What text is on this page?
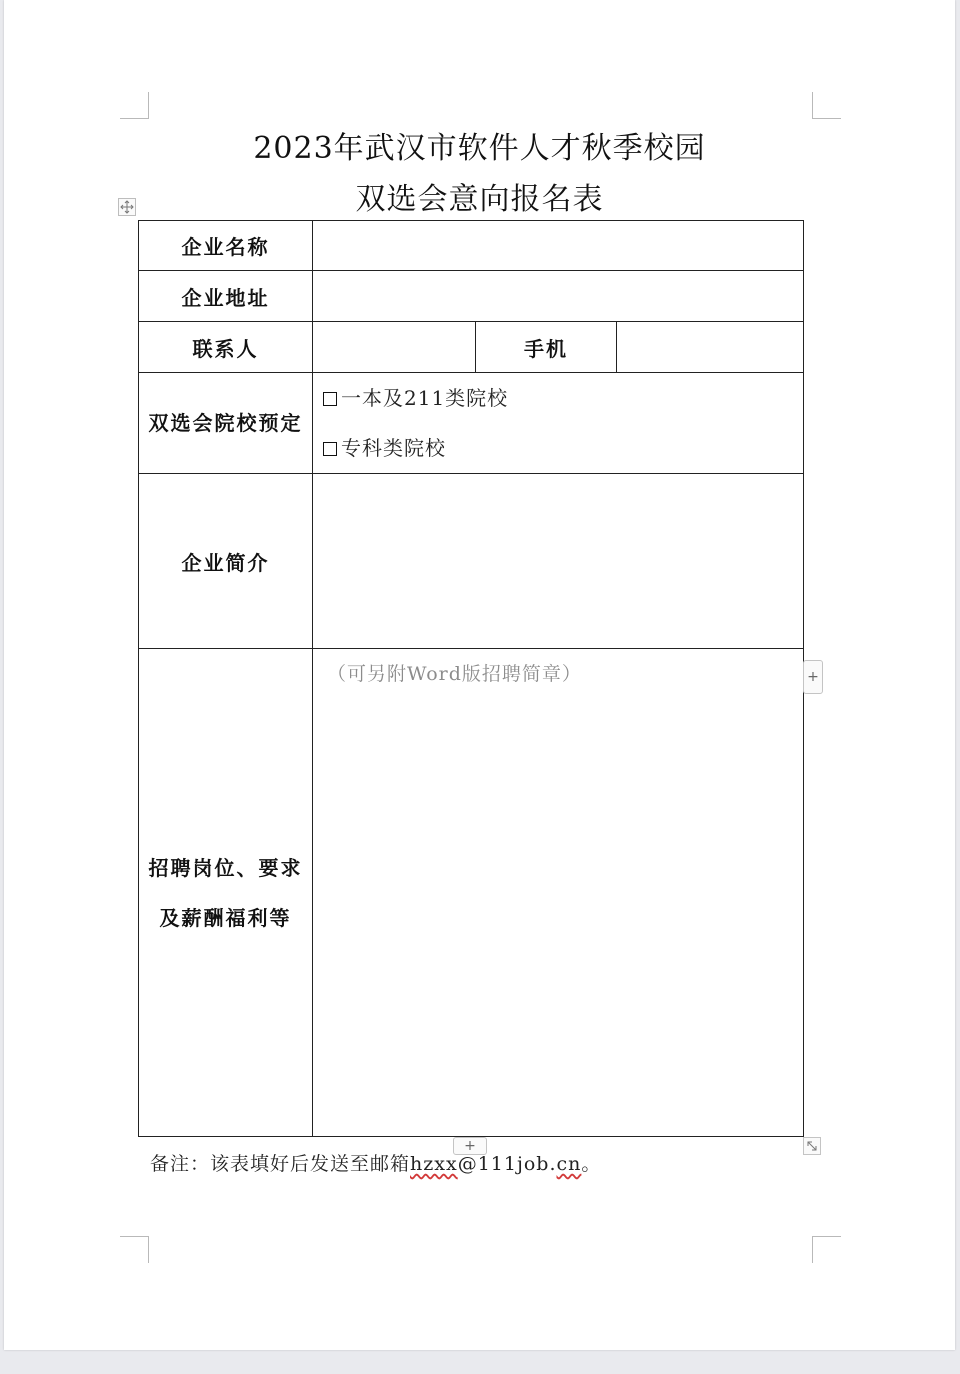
2023年武汉市软件人才秋季校园
双选会意向报名表
企业名称			
企业地址			
联系人		手机	
双选会院校预定	一本及211类院校
专科类院校		

企业简介			
招聘岗位、要求及薪酬福利等	（可另附Word版招聘简章）			+
+
备注：该表填好后发送至邮箱hzxx@111job.cn。
